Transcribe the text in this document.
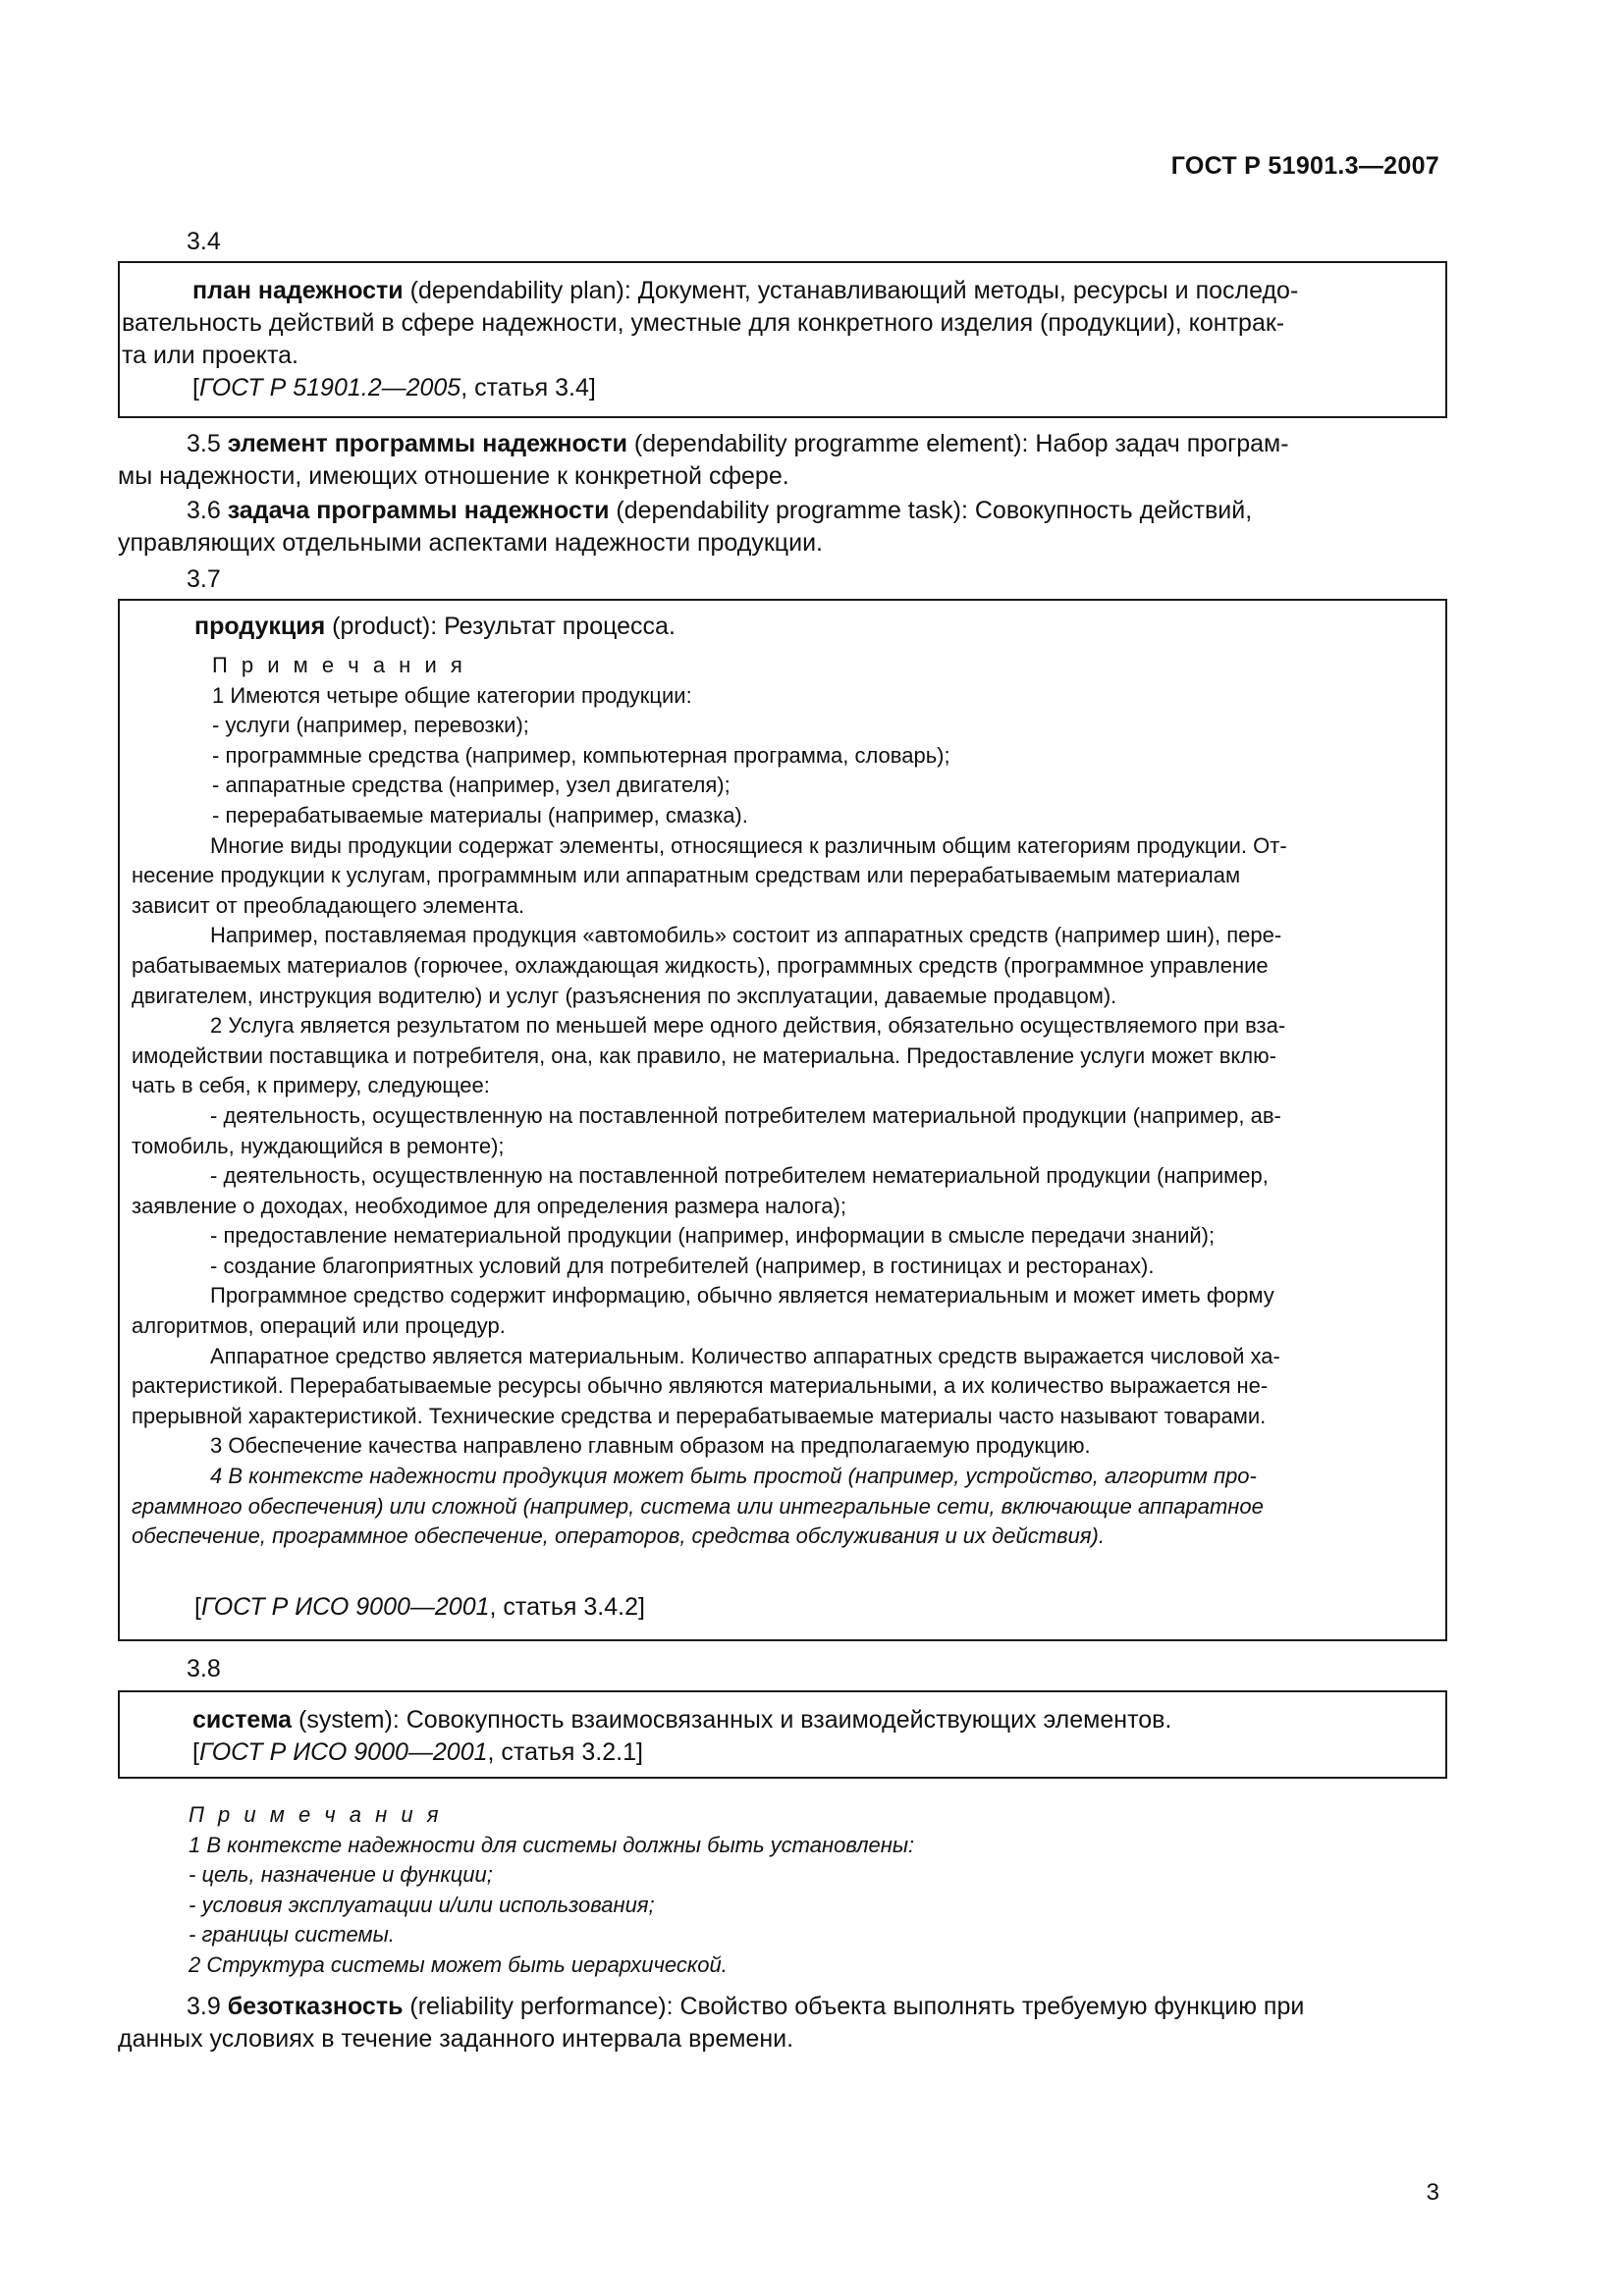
ГОСТ Р 51901.3—2007
3.4

план надежности (dependability plan): Документ, устанавливающий методы, ресурсы и последо-

вательность действий в сфере надежности, уместные для конкретного изделия (продукции), контрак-

та или проекта.

[ГОСТ Р 51901.2—2005, статья 3.4]

3.5 элемент программы надежности (dependability programme element): Набор задач програм-

мы надежности, имеющих отношение к конкретной сфере.

3.6 задача программы надежности (dependability programme task): Совокупность действий,

управляющих отдельными аспектами надежности продукции.

3.7

продукция (product): Результат процесса.

П р и м е ч а н и я

1 Имеются четыре общие категории продукции:

- услуги (например, перевозки);

- программные средства (например, компьютерная программа, словарь);

- аппаратные средства (например, узел двигателя);

- перерабатываемые материалы (например, смазка).

Многие виды продукции содержат элементы, относящиеся к различным общим категориям продукции. От-

несение продукции к услугам, программным или аппаратным средствам или перерабатываемым материалам

зависит от преобладающего элемента.

Например, поставляемая продукция «автомобиль» состоит из аппаратных средств (например шин), пере-

рабатываемых материалов (горючее, охлаждающая жидкость), программных средств (программное управление

двигателем, инструкция водителю) и услуг (разъяснения по эксплуатации, даваемые продавцом).

2 Услуга является результатом по меньшей мере одного действия, обязательно осуществляемого при вза-

имодействии поставщика и потребителя, она, как правило, не материальна. Предоставление услуги может вклю-

чать в себя, к примеру, следующее:

- деятельность, осуществленную на поставленной потребителем материальной продукции (например, ав-

томобиль, нуждающийся в ремонте);

- деятельность, осуществленную на поставленной потребителем нематериальной продукции (например,

заявление о доходах, необходимое для определения размера налога);

- предоставление нематериальной продукции (например, информации в смысле передачи знаний);

- создание благоприятных условий для потребителей (например, в гостиницах и ресторанах).

Программное средство содержит информацию, обычно является нематериальным и может иметь форму

алгоритмов, операций или процедур.

Аппаратное средство является материальным. Количество аппаратных средств выражается числовой ха-

рактеристикой. Перерабатываемые ресурсы обычно являются материальными, а их количество выражается не-

прерывной характеристикой. Технические средства и перерабатываемые материалы часто называют товарами.

3 Обеспечение качества направлено главным образом на предполагаемую продукцию.

4 В контексте надежности продукция может быть простой (например, устройство, алгоритм про-

граммного обеспечения) или сложной (например, система или интегральные сети, включающие аппаратное

обеспечение, программное обеспечение, операторов, средства обслуживания и их действия).

[ГОСТ Р ИСО 9000—2001, статья 3.4.2]

3.8

система (system): Совокупность взаимосвязанных и взаимодействующих элементов.

[ГОСТ Р ИСО 9000—2001, статья 3.2.1]

П р и м е ч а н и я

1 В контексте надежности для системы должны быть установлены:

- цель, назначение и функции;

- условия эксплуатации и/или использования;

- границы системы.

2 Структура системы может быть иерархической.

3.9 безотказность (reliability performance): Свойство объекта выполнять требуемую функцию при

данных условиях в течение заданного интервала времени.

3
